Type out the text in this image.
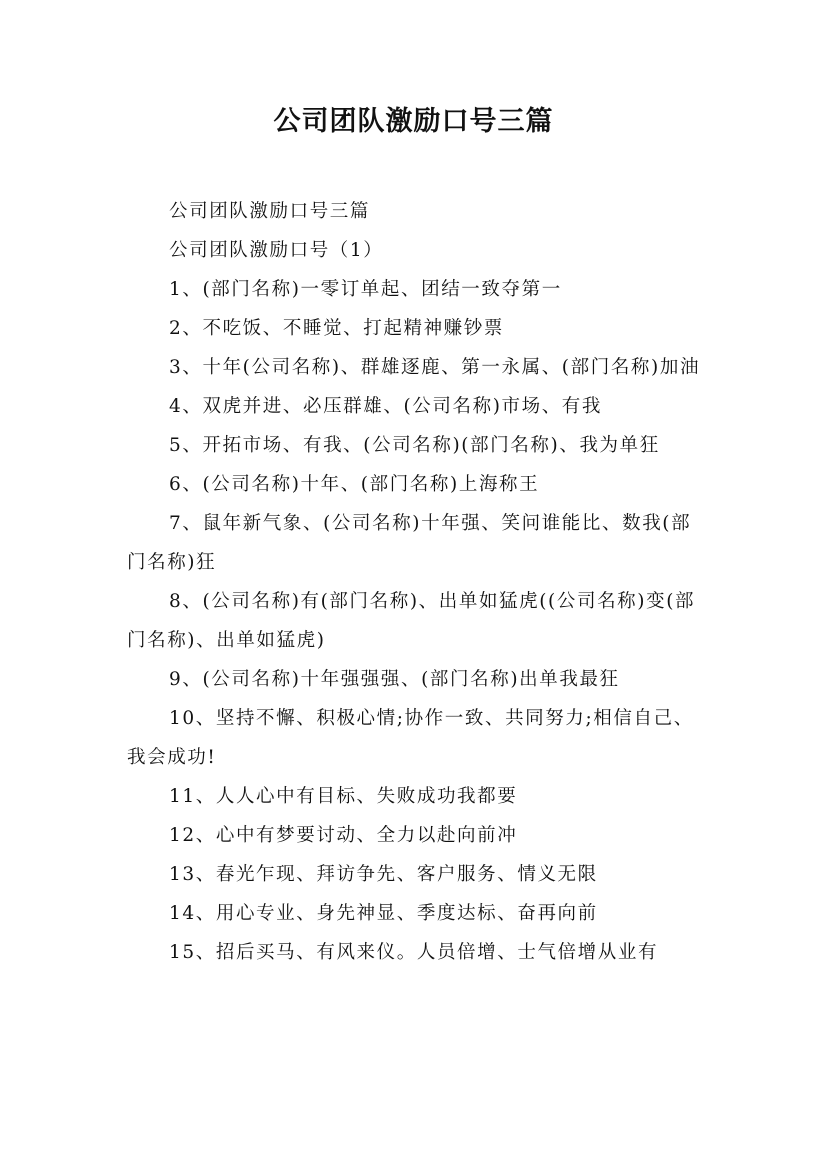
公司团队激励口号三篇

公司团队激励口号三篇

公司团队激励口号（1）

1、(部门名称)一零订单起、团结一致夺第一

2、不吃饭、不睡觉、打起精神赚钞票

3、十年(公司名称)、群雄逐鹿、第一永属、(部门名称)加油

4、双虎并进、必压群雄、(公司名称)市场、有我

5、开拓市场、有我、(公司名称)(部门名称)、我为单狂

6、(公司名称)十年、(部门名称)上海称王

7、鼠年新气象、(公司名称)十年强、笑问谁能比、数我(部门名称)狂

8、(公司名称)有(部门名称)、出单如猛虎((公司名称)变(部门名称)、出单如猛虎)

9、(公司名称)十年强强强、(部门名称)出单我最狂

10、坚持不懈、积极心情;协作一致、共同努力;相信自己、我会成功!

11、人人心中有目标、失败成功我都要

12、心中有梦要讨动、全力以赴向前冲

13、春光乍现、拜访争先、客户服务、情义无限

14、用心专业、身先神显、季度达标、奋再向前

15、招后买马、有风来仪。人员倍增、士气倍增从业有
